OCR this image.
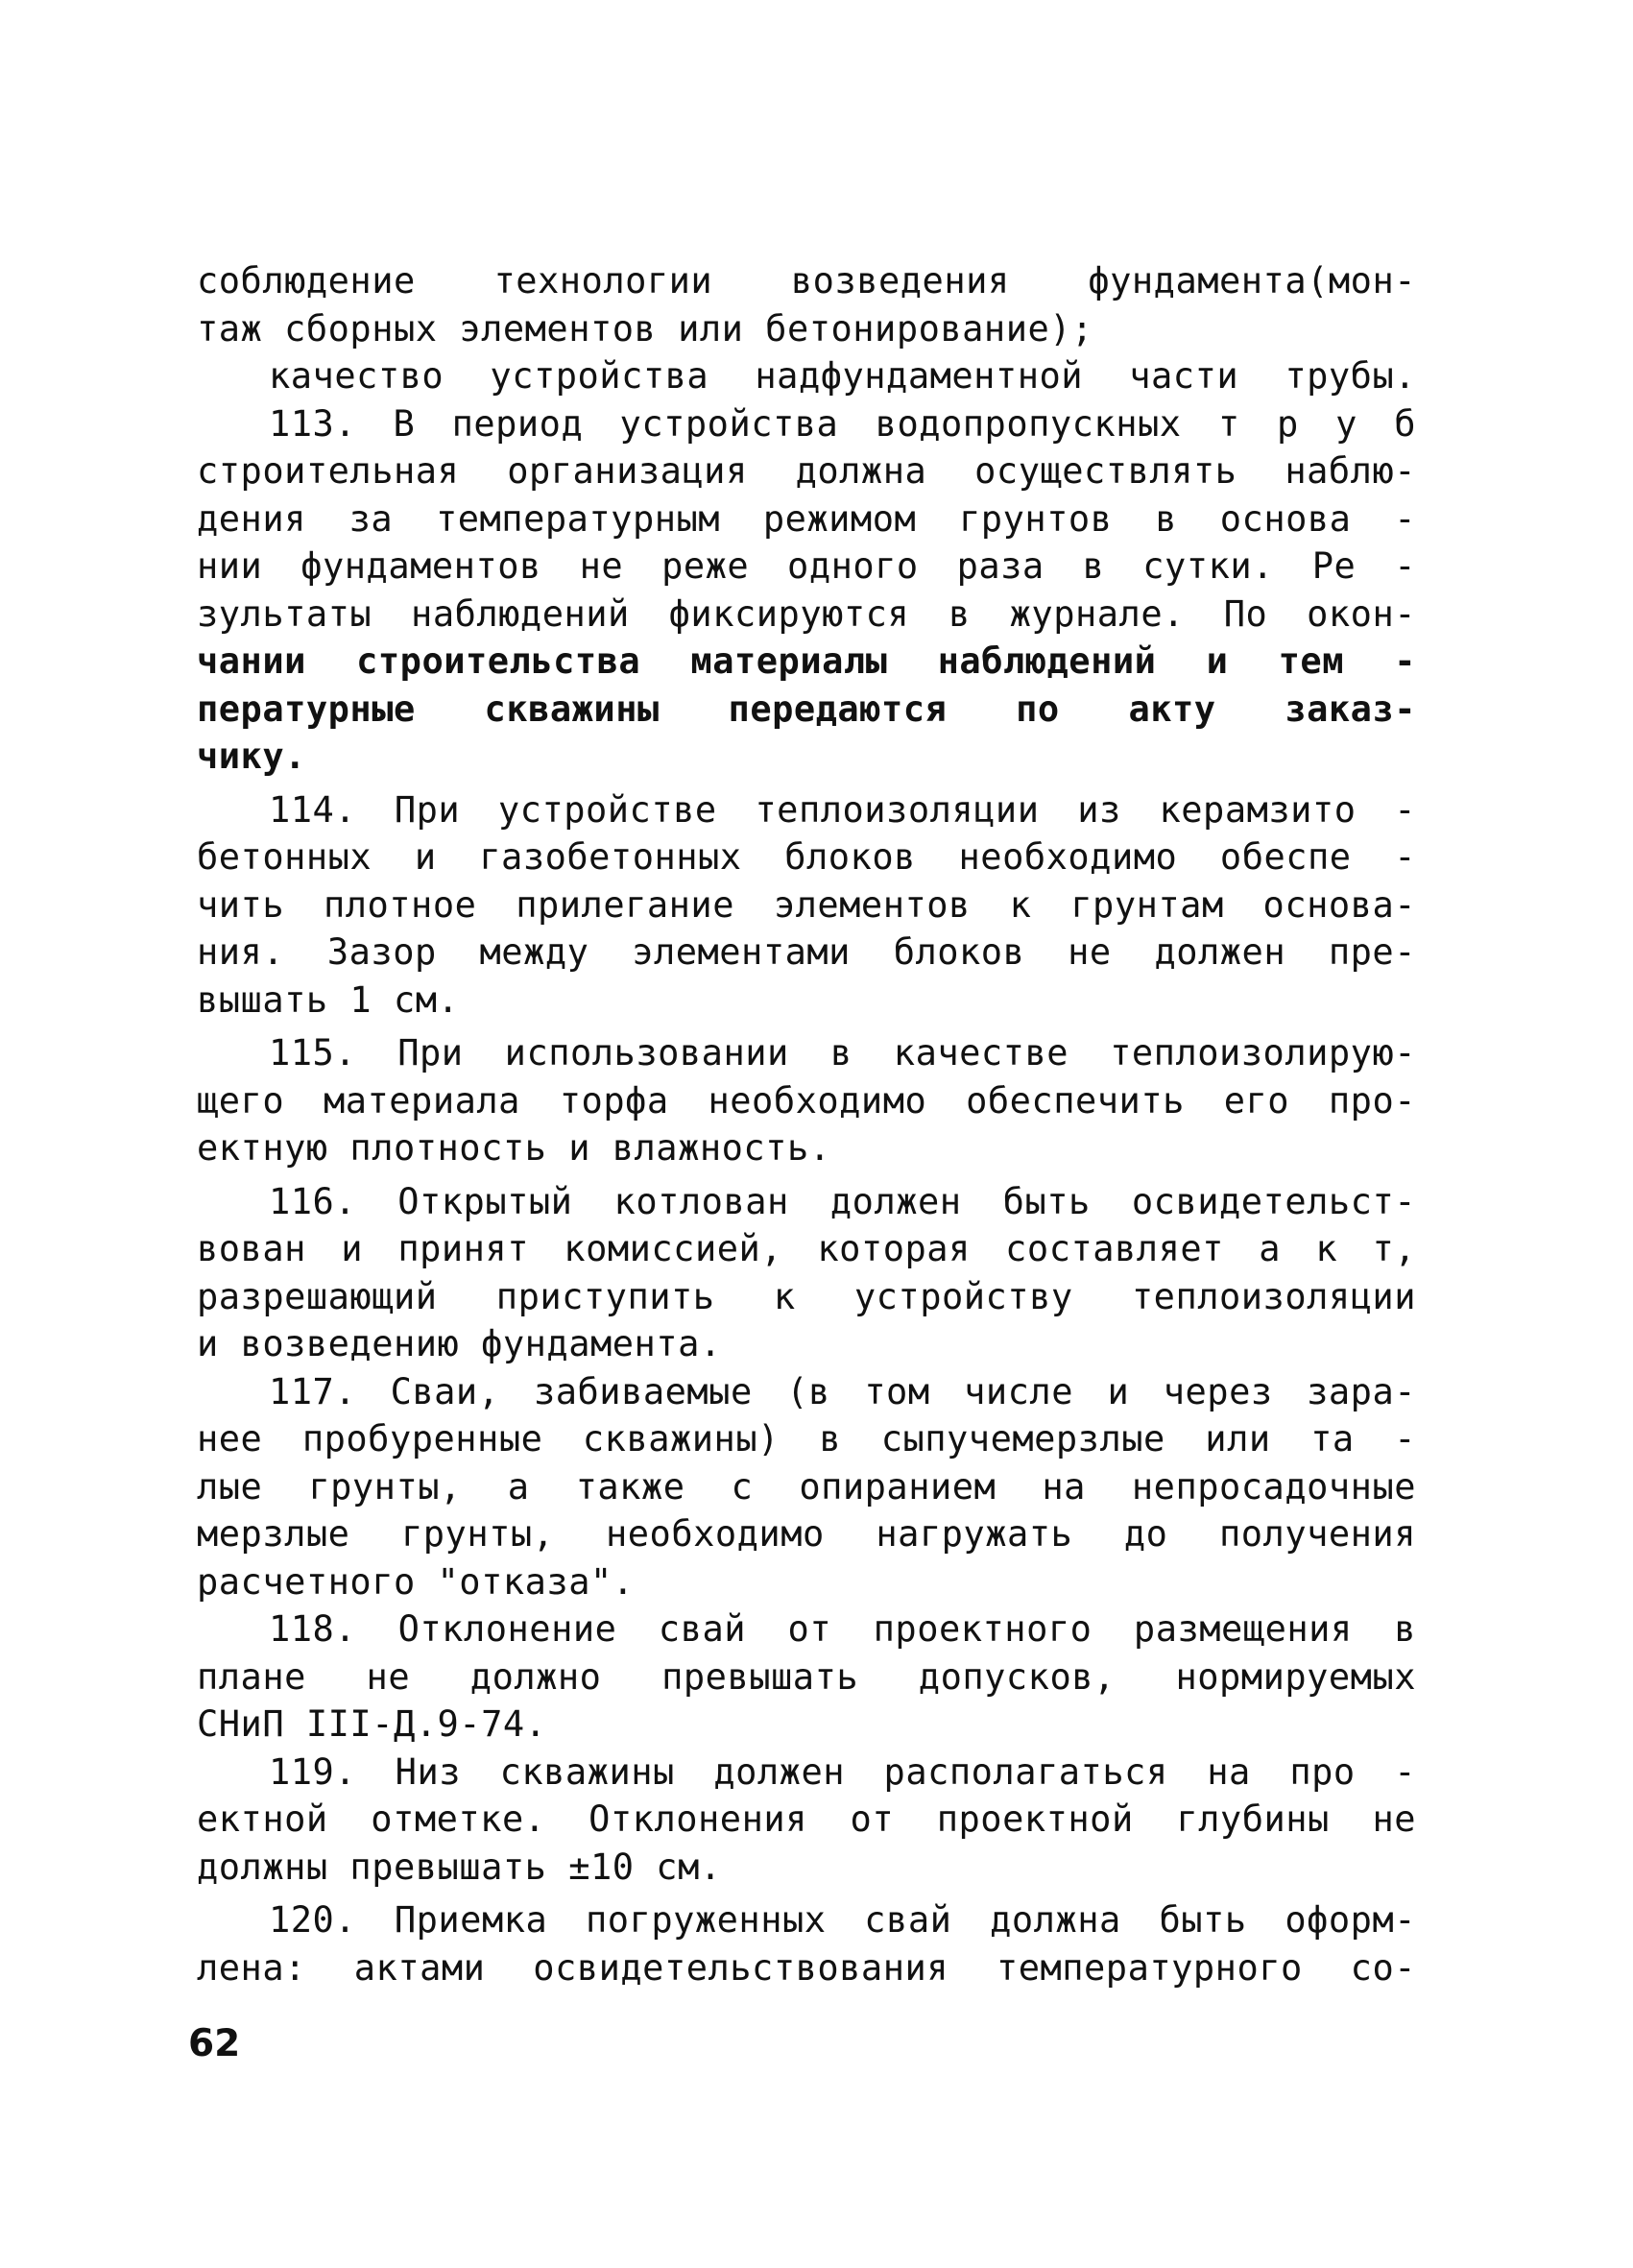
соблюдение технологии возведения фундамента(мон-
таж сборных элементов или бетонирование);
качество устройства надфундаментной части трубы.
113. В период устройства водопропускных т р у б
строительная организация должна осуществлять наблю-
дения за температурным режимом грунтов в основа -
нии фундаментов не реже одного раза в сутки. Ре -
зультаты наблюдений фиксируются в журнале. По окон-
чании строительства материалы наблюдений и тем -
пературные скважины передаются по акту заказ-
чику.
114. При устройстве теплоизоляции из керамзито -
бетонных и газобетонных блоков необходимо обеспе -
чить плотное прилегание элементов к грунтам основа-
ния. Зазор между элементами блоков не должен пре-
вышать 1 см.
115. При использовании в качестве теплоизолирую-
щего материала торфа необходимо обеспечить его про-
ектную плотность и влажность.
116. Открытый котлован должен быть освидетельст-
вован и принят комиссией, которая составляет а к т,
разрешающий приступить к устройству теплоизоляции
и возведению фундамента.
117. Сваи, забиваемые (в том числе и через зара-
нее пробуренные скважины) в сыпучемерзлые или та -
лые грунты, а также с опиранием на непросадочные
мерзлые грунты, необходимо нагружать до получения
расчетного "отказа".
118. Отклонение свай от проектного размещения в
плане не должно превышать допусков, нормируемых
СНиП III-Д.9-74.
119. Низ скважины должен располагаться на про -
ектной отметке. Отклонения от проектной глубины не
должны превышать ±10 см.
120. Приемка погруженных свай должна быть оформ-
лена: актами освидетельствования температурного со-
62
